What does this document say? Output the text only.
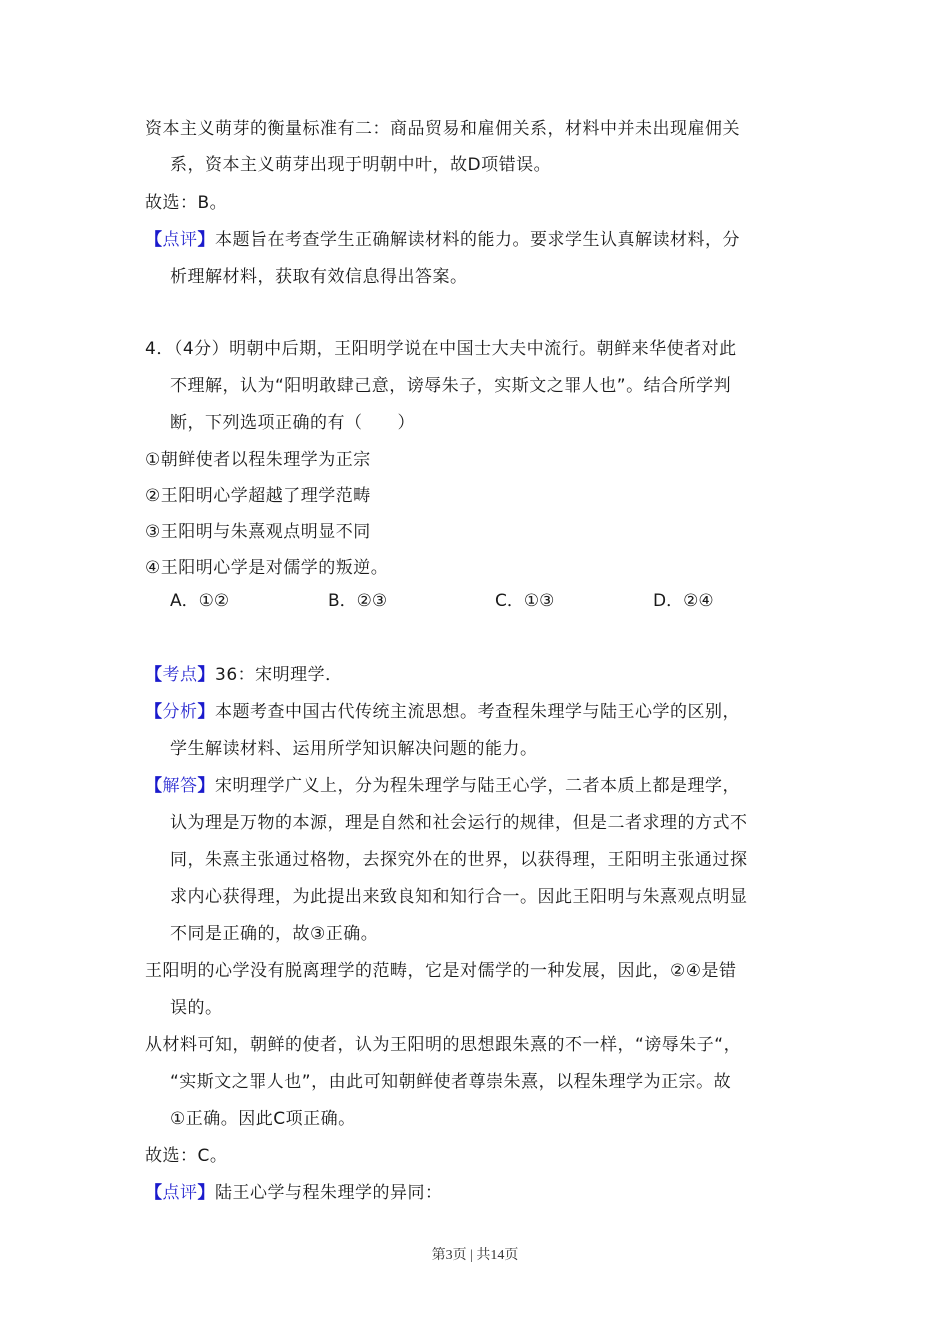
资本主义萌芽的衡量标准有二：商品贸易和雇佣关系，材料中并未出现雇佣关
系，资本主义萌芽出现于明朝中叶，故D项错误。
故选：B。
【点评】本题旨在考查学生正确解读材料的能力。要求学生认真解读材料，分
析理解材料，获取有效信息得出答案。
4．（4分）明朝中后期，王阳明学说在中国士大夫中流行。朝鲜来华使者对此
不理解，认为“阳明敢肆己意，谤辱朱子，实斯文之罪人也”。结合所学判
断，下列选项正确的有（　　）
①朝鲜使者以程朱理学为正宗
②王阳明心学超越了理学范畴
③王阳明与朱熹观点明显不同
④王阳明心学是对儒学的叛逆。
A．①②	B．②③	C．①③	D．②④
【考点】36：宋明理学．
【分析】本题考查中国古代传统主流思想。考查程朱理学与陆王心学的区别，
学生解读材料、运用所学知识解决问题的能力。
【解答】宋明理学广义上，分为程朱理学与陆王心学，二者本质上都是理学，
认为理是万物的本源，理是自然和社会运行的规律，但是二者求理的方式不
同，朱熹主张通过格物，去探究外在的世界，以获得理，王阳明主张通过探
求内心获得理，为此提出来致良知和知行合一。因此王阳明与朱熹观点明显
不同是正确的，故③正确。
王阳明的心学没有脱离理学的范畴，它是对儒学的一种发展，因此，②④是错
误的。
从材料可知，朝鲜的使者，认为王阳明的思想跟朱熹的不一样，“谤辱朱子“，
“实斯文之罪人也”，由此可知朝鲜使者尊崇朱熹，以程朱理学为正宗。故
①正确。因此C项正确。
故选：C。
【点评】陆王心学与程朱理学的异同：
第3页 | 共14页
